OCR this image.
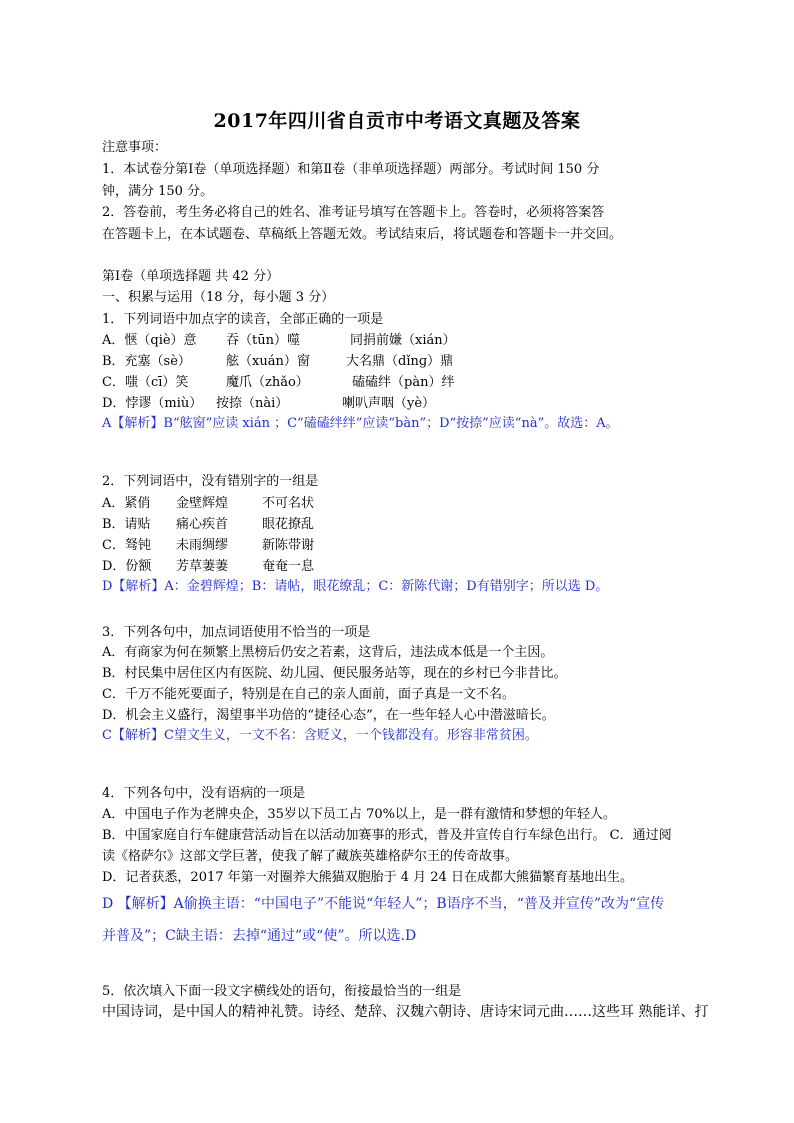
2017年四川省自贡市中考语文真题及答案
注意事项：
1．本试卷分第Ⅰ卷（单项选择题）和第Ⅱ卷（非单项选择题）两部分。考试时间 150 分
钟，满分 150 分。
2．答卷前，考生务必将自己的姓名、准考证号填写在答题卡上。答卷时，必须将答案答
在答题卡上，在本试题卷、草稿纸上答题无效。考试结束后，将试题卷和答题卡一并交回。
第Ⅰ卷（单项选择题 共 42 分）
一、积累与运用（18 分，每小题 3 分）
1．下列词语中加点字的读音，全部正确的一项是
A．惬（qiè）意 吞（tūn）噬	同捐前嫌（xián）
B．充塞（sè）	舷（xuán）窗	大名鼎（dǐnɡ）鼎
C．嗤（cī）笑	魔爪（zhǎo）	磕磕绊（pàn）绊
D．悖谬（miù） 按捺（nài）	喇叭声咽（yè）
A【解析】B“舷窗”应读 xián ；C“磕磕绊绊”应读“bàn”；D“按捺”应读“nà”。故选：A。
2．下列词语中，没有错别字的一组是
A．紧俏 金壁辉煌	不可名状
B．请贴 痛心疾首	眼花撩乱
C．驽钝 未雨绸缪	新陈带谢
D．份额 芳草萋萋	奄奄一息
D【解析】A：金碧辉煌；B：请帖，眼花缭乱；C：新陈代谢；D有错别字；所以选 D。
3．下列各句中，加点词语使用不恰当的一项是
A．有商家为何在频繁上黑榜后仍安之若素，这背后，违法成本低是一个主因。
B．村民集中居住区内有医院、幼儿园、便民服务站等，现在的乡村已今非昔比。
C．千万不能死要面子，特别是在自己的亲人面前，面子真是一文不名。
D．机会主义盛行，渴望事半功倍的“捷径心态”，在一些年轻人心中潜滋暗长。
C【解析】C望文生义，一文不名：含贬义，一个钱都没有。形容非常贫困。
4．下列各句中，没有语病的一项是
A．中国电子作为老牌央企，35岁以下员工占 70%以上，是一群有激情和梦想的年轻人。
B．中国家庭自行车健康营活动旨在以活动加赛事的形式，普及并宣传自行车绿色出行。 C．通过阅
读《格萨尔》这部文学巨著，使我了解了藏族英雄格萨尔王的传奇故事。
D．记者获悉，2017 年第一对圈养大熊猫双胞胎于 4 月 24 日在成都大熊猫繁育基地出生。
D 【解析】A偷换主语：“中国电子”不能说“年轻人”；B语序不当，“普及并宣传”改为“宣传
并普及”；C缺主语：去掉“通过”或“使”。所以选.D
5．依次填入下面一段文字横线处的语句，衔接最恰当的一组是
中国诗词，是中国人的精神礼赞。诗经、楚辞、汉魏六朝诗、唐诗宋词元曲……这些耳 熟能详、打
